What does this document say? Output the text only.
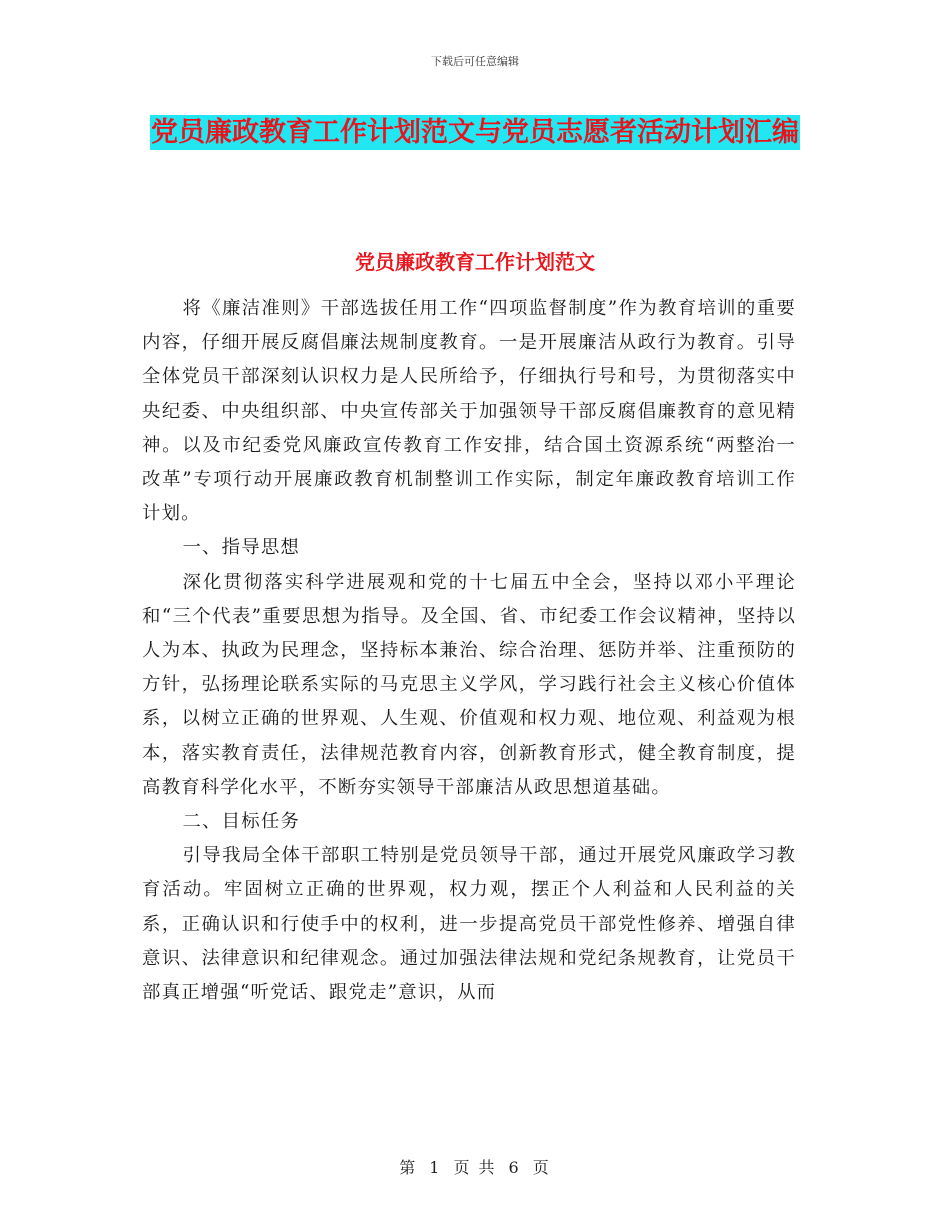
下载后可任意编辑
党员廉政教育工作计划范文与党员志愿者活动计划汇编
党员廉政教育工作计划范文

将《廉洁准则》干部选拔任用工作“四项监督制度”作为教育培训的重要内容，仔细开展反腐倡廉法规制度教育。一是开展廉洁从政行为教育。引导全体党员干部深刻认识权力是人民所给予，仔细执行号和号，为贯彻落实中央纪委、中央组织部、中央宣传部关于加强领导干部反腐倡廉教育的意见精神。以及市纪委党风廉政宣传教育工作安排，结合国土资源系统“两整治一改革”专项行动开展廉政教育机制整训工作实际，制定年廉政教育培训工作计划。

一、指导思想

深化贯彻落实科学进展观和党的十七届五中全会，坚持以邓小平理论和“三个代表”重要思想为指导。及全国、省、市纪委工作会议精神，坚持以人为本、执政为民理念，坚持标本兼治、综合治理、惩防并举、注重预防的方针，弘扬理论联系实际的马克思主义学风，学习践行社会主义核心价值体系，以树立正确的世界观、人生观、价值观和权力观、地位观、利益观为根本，落实教育责任，法律规范教育内容，创新教育形式，健全教育制度，提高教育科学化水平，不断夯实领导干部廉洁从政思想道基础。

二、目标任务

引导我局全体干部职工特别是党员领导干部，通过开展党风廉政学习教育活动。牢固树立正确的世界观，权力观，摆正个人利益和人民利益的关系，正确认识和行使手中的权利，进一步提高党员干部党性修养、增强自律意识、法律意识和纪律观念。通过加强法律法规和党纪条规教育，让党员干部真正增强“听党话、跟党走”意识，从而

第 1 页 共 6 页
